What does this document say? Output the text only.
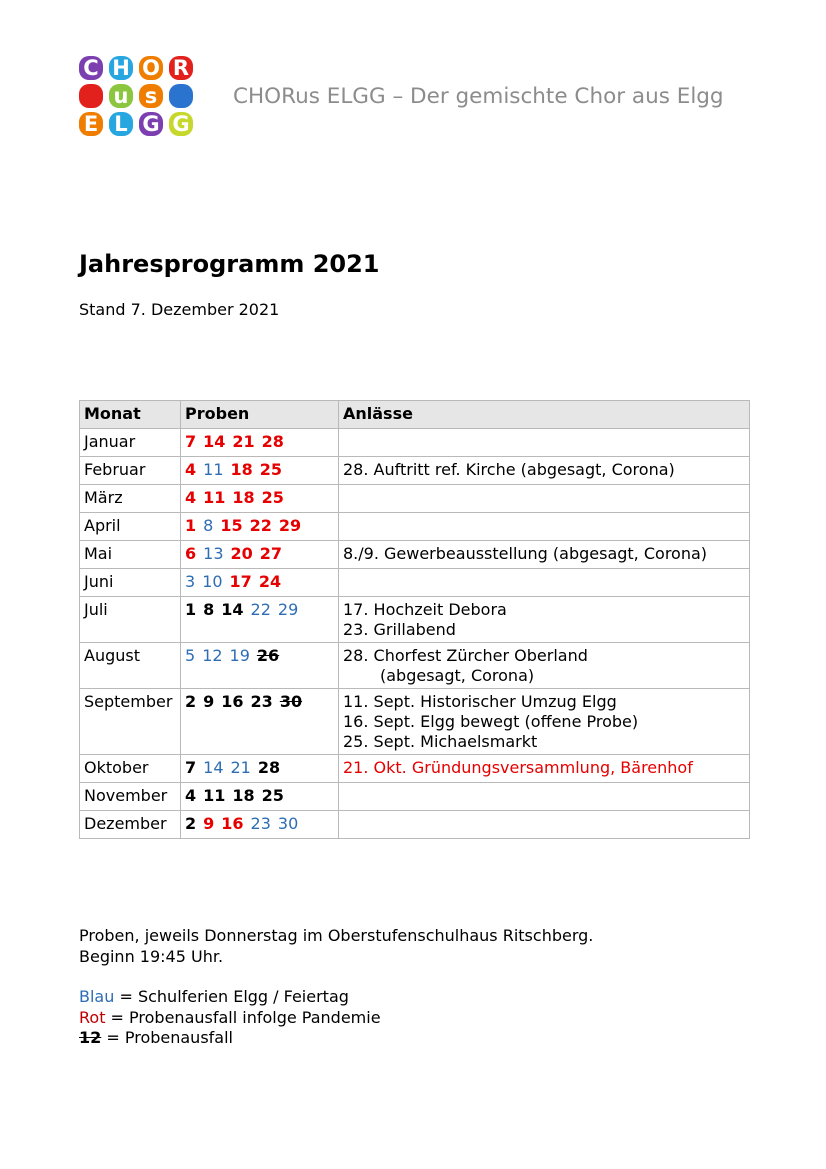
C H O R
u s
E L G G
CHORus ELGG – Der gemischte Chor aus Elgg
Jahresprogramm 2021
Stand 7. Dezember 2021
Monat	Proben	Anlässe
Januar	7 14 21 28	
Februar	4 11 18 25	28. Auftritt ref. Kirche (abgesagt, Corona)

März	4 11 18 25	
April	1 8 15 22 29	
Mai	6 13 20 27	8./9. Gewerbeausstellung (abgesagt, Corona)

Juni	3 10 17 24	
Juli	1 8 14 22 29	17. Hochzeit Debora
23. Grillabend

August	5 12 19 26	28. Chorfest Zürcher Oberland
(abgesagt, Corona)

September	2 9 16 23 30	11. Sept. Historischer Umzug Elgg
16. Sept. Elgg bewegt (offene Probe)
25. Sept. Michaelsmarkt

Oktober	7 14 21 28	21. Okt. Gründungsversammlung, Bärenhof

November	4 11 18 25	
Dezember	2 9 16 23 30	
Proben, jeweils Donnerstag im Oberstufenschulhaus Ritschberg.
Beginn 19:45 Uhr.
Blau = Schulferien Elgg / Feiertag
Rot = Probenausfall infolge Pandemie
12 = Probenausfall
